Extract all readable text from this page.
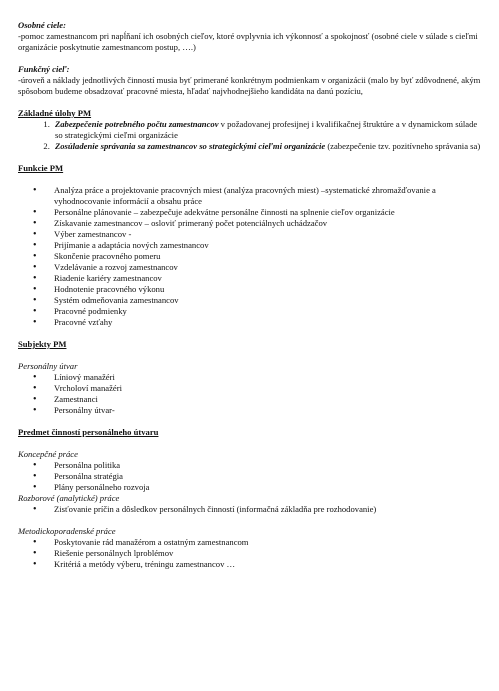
Osobné ciele:

-pomoc zamestnancom pri napĺňaní ich osobných cieľov, ktoré ovplyvnia ich výkonnosť a spokojnosť (osobné ciele v súlade s cieľmi organizácie poskytnutie zamestnancom postup, ….)

Funkčný cieľ:

-úroveň a náklady jednotlivých činností musia byť primerané konkrétnym podmienkam v organizácii (malo by byť zdôvodnené, akým spôsobom budeme obsadzovať pracovné miesta, hľadať najvhodnejšieho kandidáta na danú pozíciu,

Základné úlohy PM

1. Zabezpečenie potrebného počtu zamestnancov v požadovanej profesijnej i kvalifikačnej štruktúre a v dynamickom súlade so strategickými cieľmi organizácie
2. Zosúladenie správania sa zamestnancov so strategickými cieľmi organizácie (zabezpečenie tzv. pozitívneho správania sa)

Funkcie PM

• Analýza práce a projektovanie pracovných miest (analýza pracovných miest) –systematické zhromažďovanie a vyhodnocovanie informácií a obsahu práce
• Personálne plánovanie – zabezpečuje adekvátne personálne činnosti na splnenie cieľov organizácie
• Získavanie zamestnancov – osloviť primeraný počet potenciálnych uchádzačov
• Výber zamestnancov -
• Prijímanie a adaptácia nových zamestnancov
• Skončenie pracovného pomeru
• Vzdelávanie a rozvoj zamestnancov
• Riadenie kariéry zamestnancov
• Hodnotenie pracovného výkonu
• Systém odmeňovania zamestnancov
• Pracovné podmienky
• Pracovné vzťahy

Subjekty PM

Personálny útvar

• Líniový manažéri
• Vrcholoví manažéri
• Zamestnanci
• Personálny útvar-

Predmet činností personálneho útvaru

Koncepčné práce

• Personálna politika
• Personálna stratégia
• Plány personálneho rozvoja

Rozborové (analytické) práce

• Zisťovanie príčin a dôsledkov personálnych činností (informačná základňa pre rozhodovanie)

Metodickoporadenské práce

• Poskytovanie rád manažérom a ostatným zamestnancom
• Riešenie personálnych lproblémov
• Kritériá a metódy výberu, tréningu zamestnancov …
